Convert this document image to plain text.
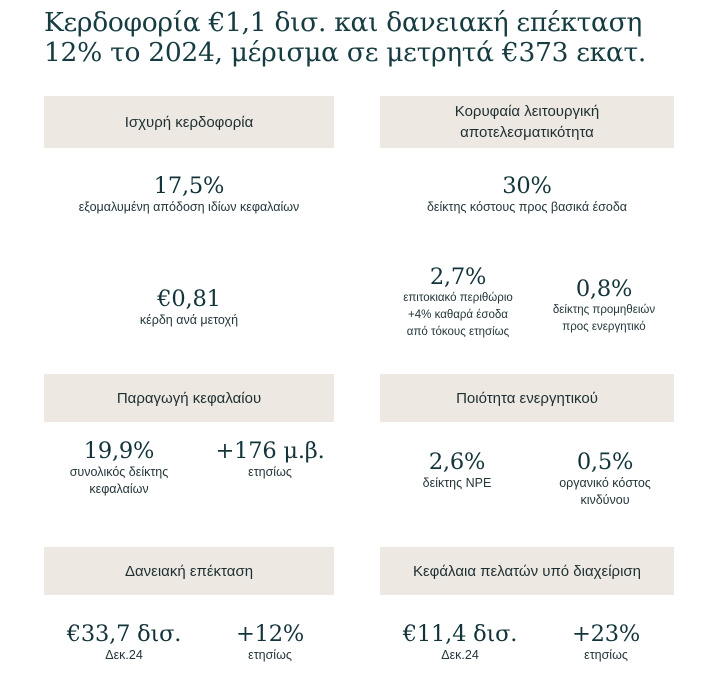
Κερδοφορία €1,1 δισ. και δανειακή επέκταση
12% το 2024, μέρισμα σε μετρητά €373 εκατ.
Ισχυρή κερδοφορία
17,5%
εξομαλυμένη απόδοση ιδίων κεφαλαίων
€0,81
κέρδη ανά μετοχή
Κορυφαία λειτουργική
αποτελεσματικότητα
30%
δείκτης κόστους προς βασικά έσοδα
2,7%
επιτοκιακό περιθώριο
+4% καθαρά έσοδα
από τόκους ετησίως
0,8%
δείκτης προμηθειών
προς ενεργητικό
Παραγωγή κεφαλαίου
19,9%
συνολικός δείκτης
κεφαλαίων
+176 μ.β.
ετησίως
Ποιότητα ενεργητικού
2,6%
δείκτης NPE
0,5%
οργανικό κόστος
κινδύνου
Δανειακή επέκταση
€33,7 δισ.
Δεκ.24
+12%
ετησίως
Κεφάλαια πελατών υπό διαχείριση
€11,4 δισ.
Δεκ.24
+23%
ετησίως
